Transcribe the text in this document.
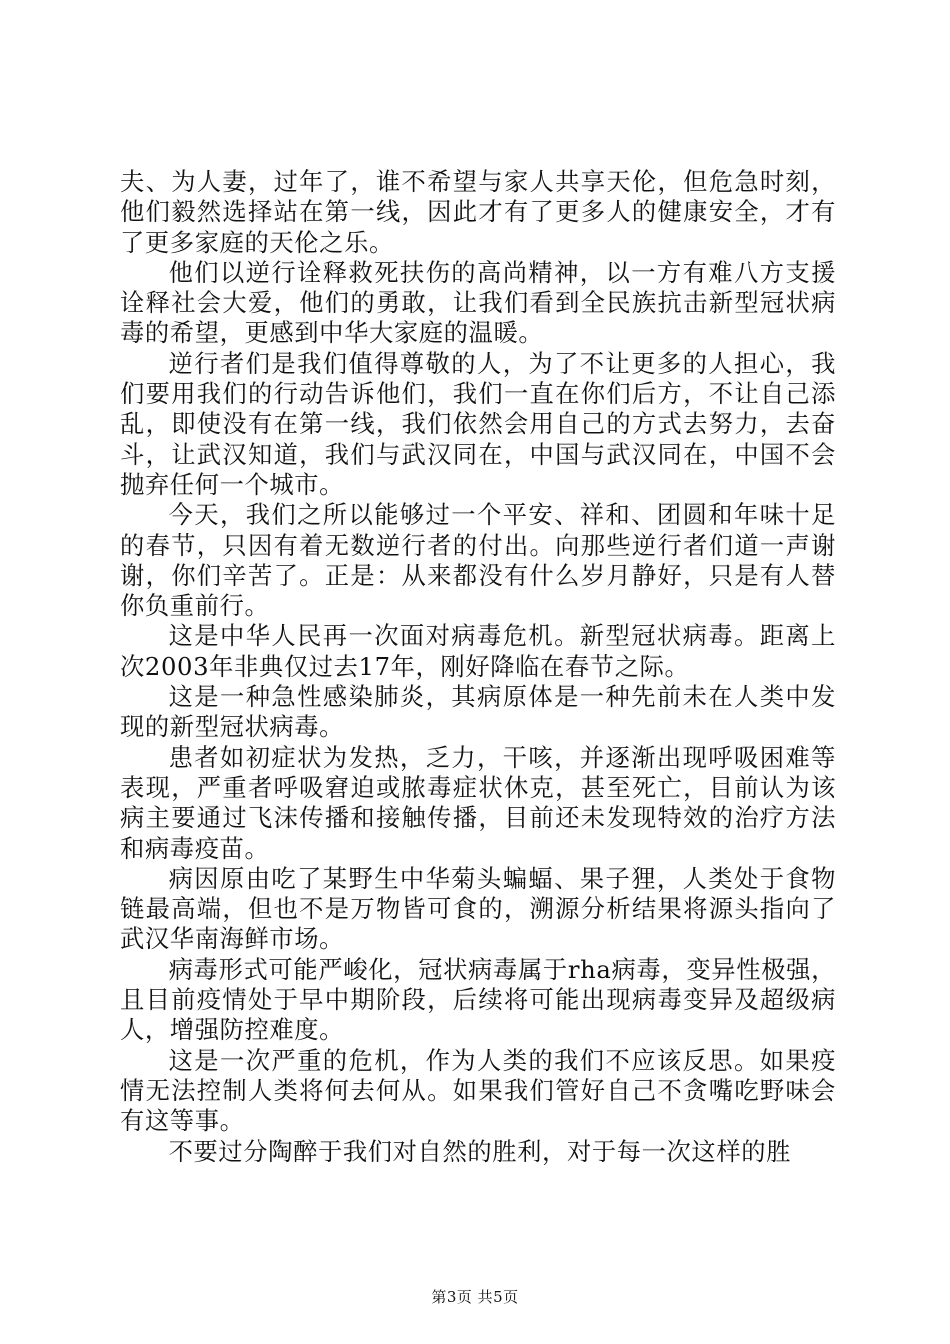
夫、为人妻，过年了，谁不希望与家人共享天伦，但危急时刻，他们毅然选择站在第一线，因此才有了更多人的健康安全，才有了更多家庭的天伦之乐。

他们以逆行诠释救死扶伤的高尚精神，以一方有难八方支援诠释社会大爱，他们的勇敢，让我们看到全民族抗击新型冠状病毒的希望，更感到中华大家庭的温暖。

逆行者们是我们值得尊敬的人，为了不让更多的人担心，我们要用我们的行动告诉他们，我们一直在你们后方，不让自己添乱，即使没有在第一线，我们依然会用自己的方式去努力，去奋斗，让武汉知道，我们与武汉同在，中国与武汉同在，中国不会抛弃任何一个城市。

今天，我们之所以能够过一个平安、祥和、团圆和年味十足的春节，只因有着无数逆行者的付出。向那些逆行者们道一声谢谢，你们辛苦了。正是：从来都没有什么岁月静好，只是有人替你负重前行。

这是中华人民再一次面对病毒危机。新型冠状病毒。距离上次2003年非典仅过去17年，刚好降临在春节之际。

这是一种急性感染肺炎，其病原体是一种先前未在人类中发现的新型冠状病毒。

患者如初症状为发热，乏力，干咳，并逐渐出现呼吸困难等表现，严重者呼吸窘迫或脓毒症状休克，甚至死亡，目前认为该病主要通过飞沫传播和接触传播，目前还未发现特效的治疗方法和病毒疫苗。

病因原由吃了某野生中华菊头蝙蝠、果子狸，人类处于食物链最高端，但也不是万物皆可食的，溯源分析结果将源头指向了武汉华南海鲜市场。

病毒形式可能严峻化，冠状病毒属于rha病毒，变异性极强，且目前疫情处于早中期阶段，后续将可能出现病毒变异及超级病人，增强防控难度。

这是一次严重的危机，作为人类的我们不应该反思。如果疫情无法控制人类将何去何从。如果我们管好自己不贪嘴吃野味会有这等事。

不要过分陶醉于我们对自然的胜利，对于每一次这样的胜

第3页 共5页
